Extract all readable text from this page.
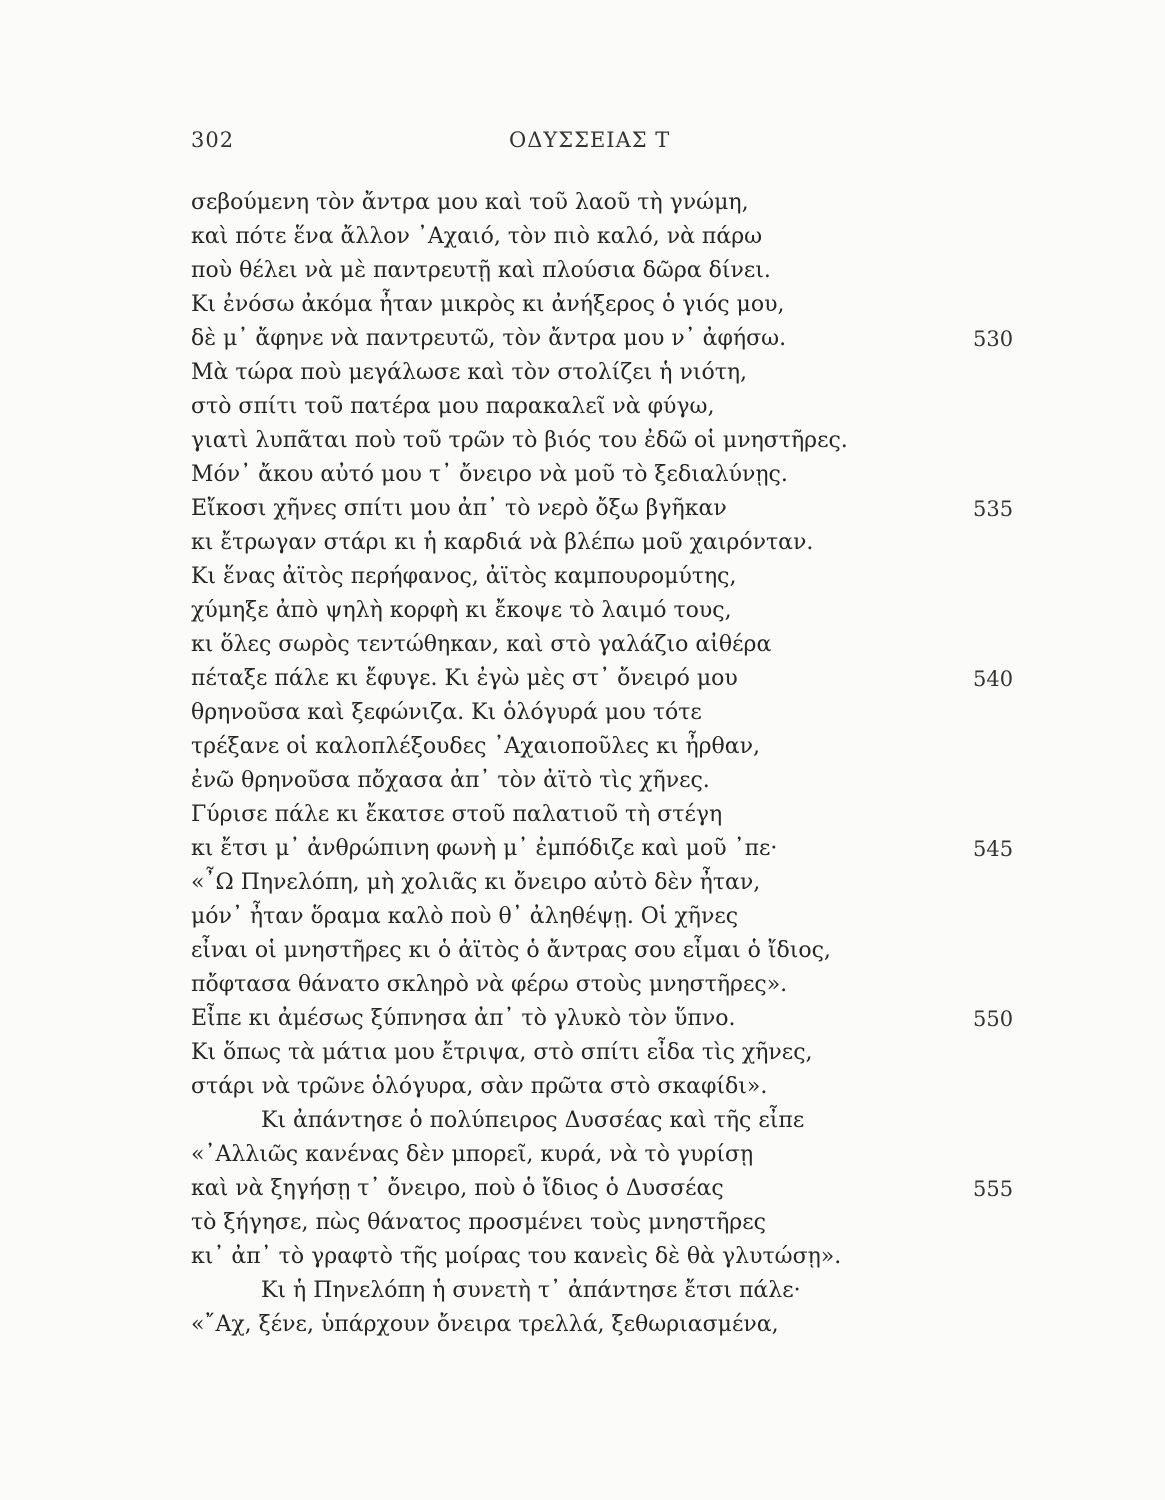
302	ΟΔΥΣΣΕΙΑΣ Τ
σεβούμενη τὸν ἄντρα μου καὶ τοῦ λαοῦ τὴ γνώμη,
καὶ πότε ἕνα ἄλλον ᾿Αχαιό, τὸν πιὸ καλό, νὰ πάρω
ποὺ θέλει νὰ μὲ παντρευτῇ καὶ πλούσια δῶρα δίνει.
Κι ἐνόσω ἀκόμα ἦταν μικρὸς κι ἀνήξερος ὁ γιός μου,
δὲ μ᾿ ἄφηνε νὰ παντρευτῶ, τὸν ἄντρα μου ν᾿ ἀφήσω.	530
Μὰ τώρα ποὺ μεγάλωσε καὶ τὸν στολίζει ἡ νιότη,
στὸ σπίτι τοῦ πατέρα μου παρακαλεῖ νὰ φύγω,
γιατὶ λυπᾶται ποὺ τοῦ τρῶν τὸ βιός του ἐδῶ οἱ μνηστῆρες.
Μόν᾿ ἄκου αὐτό μου τ᾿ ὄνειρο νὰ μοῦ τὸ ξεδιαλύνῃς.
Εἴκοσι χῆνες σπίτι μου ἀπ᾿ τὸ νερὸ ὄξω βγῆκαν	535
κι ἔτρωγαν στάρι κι ἡ καρδιά νὰ βλέπω μοῦ χαιρόνταν.
Κι ἕνας ἀϊτὸς περήφανος, ἀϊτὸς καμπουρομύτης,
χύμηξε ἀπὸ ψηλὴ κορφὴ κι ἔκοψε τὸ λαιμό τους,
κι ὅλες σωρὸς τεντώθηκαν, καὶ στὸ γαλάζιο αἰθέρα
πέταξε πάλε κι ἔφυγε. Κι ἐγὼ μὲς στ᾿ ὄνειρό μου	540
θρηνοῦσα καὶ ξεφώνιζα. Κι ὁλόγυρά μου τότε
τρέξανε οἱ καλοπλέξουδες ᾿Αχαιοποῦλες κι ἦρθαν,
ἐνῶ θρηνοῦσα πὄχασα ἀπ᾿ τὸν ἀϊτὸ τὶς χῆνες.
Γύρισε πάλε κι ἔκατσε στοῦ παλατιοῦ τὴ στέγη
κι ἔτσι μ᾿ ἀνθρώπινη φωνὴ μ᾿ ἐμπόδιζε καὶ μοῦ ᾿πε·	545
«῏Ω Πηνελόπη, μὴ χολιᾶς κι ὄνειρο αὐτὸ δὲν ἦταν,
μόν᾿ ἦταν ὅραμα καλὸ ποὺ θ᾿ ἀληθέψῃ. Οἱ χῆνες
εἶναι οἱ μνηστῆρες κι ὁ ἀϊτὸς ὁ ἄντρας σου εἶμαι ὁ ἴδιος,
πὄφτασα θάνατο σκληρὸ νὰ φέρω στοὺς μνηστῆρες».
Εἶπε κι ἀμέσως ξύπνησα ἀπ᾿ τὸ γλυκὸ τὸν ὕπνο.	550
Κι ὅπως τὰ μάτια μου ἔτριψα, στὸ σπίτι εἶδα τὶς χῆνες,
στάρι νὰ τρῶνε ὁλόγυρα, σὰν πρῶτα στὸ σκαφίδι».
Κι ἀπάντησε ὁ πολύπειρος Δυσσέας καὶ τῆς εἶπε
«᾿Αλλιῶς κανένας δὲν μπορεῖ, κυρά, νὰ τὸ γυρίσῃ
καὶ νὰ ξηγήσῃ τ᾿ ὄνειρο, ποὺ ὁ ἴδιος ὁ Δυσσέας	555
τὸ ξήγησε, πὼς θάνατος προσμένει τοὺς μνηστῆρες
κι᾿ ἀπ᾿ τὸ γραφτὸ τῆς μοίρας του κανεὶς δὲ θὰ γλυτώσῃ».
Κι ἡ Πηνελόπη ἡ συνετὴ τ᾿ ἀπάντησε ἔτσι πάλε·
«῎Αχ, ξένε, ὑπάρχουν ὄνειρα τρελλά, ξεθωριασμένα,
